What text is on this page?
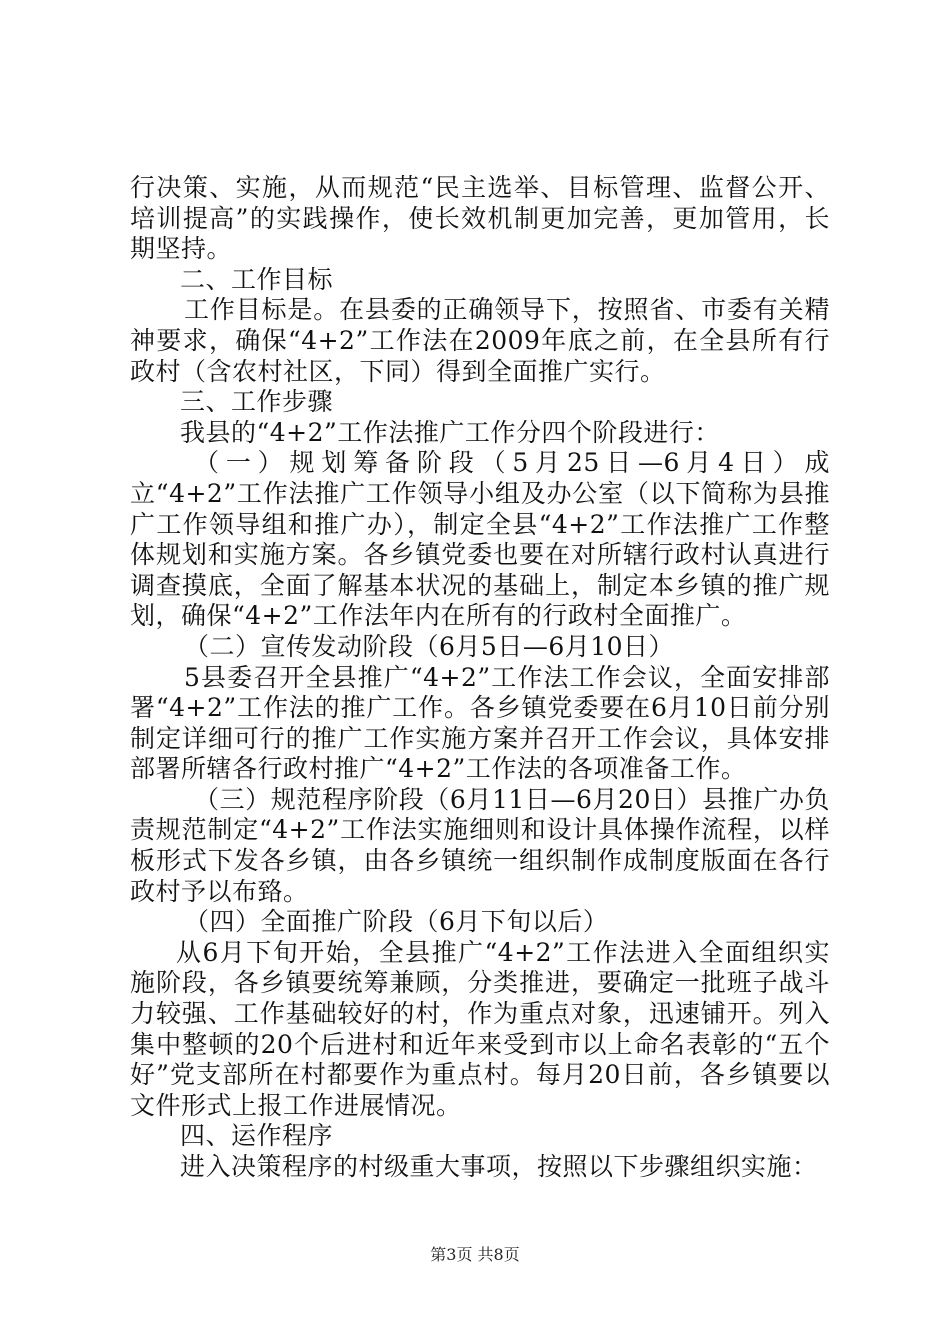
行决策、实施，从而规范“民主选举、目标管理、监督公开、培训提高”的实践操作，使长效机制更加完善，更加管用，长期坚持。

二、工作目标

工作目标是。在县委的正确领导下，按照省、市委有关精神要求，确保“4+2”工作法在2009年底之前，在全县所有行政村（含农村社区，下同）得到全面推广实行。

三、工作步骤

我县的“4+2”工作法推广工作分四个阶段进行：

（一）规划筹备阶段（5月25日—6月4日）成立“4+2”工作法推广工作领导小组及办公室（以下简称为县推广工作领导组和推广办），制定全县“4+2”工作法推广工作整体规划和实施方案。各乡镇党委也要在对所辖行政村认真进行调查摸底，全面了解基本状况的基础上，制定本乡镇的推广规划，确保“4+2”工作法年内在所有的行政村全面推广。

（二）宣传发动阶段（6月5日—6月10日）

5县委召开全县推广“4+2”工作法工作会议，全面安排部署“4+2”工作法的推广工作。各乡镇党委要在6月10日前分别制定详细可行的推广工作实施方案并召开工作会议，具体安排部署所辖各行政村推广“4+2”工作法的各项准备工作。

（三）规范程序阶段（6月11日—6月20日）县推广办负责规范制定“4+2”工作法实施细则和设计具体操作流程，以样板形式下发各乡镇，由各乡镇统一组织制作成制度版面在各行政村予以布臵。

（四）全面推广阶段（6月下旬以后）

从6月下旬开始，全县推广“4+2”工作法进入全面组织实施阶段，各乡镇要统筹兼顾，分类推进，要确定一批班子战斗力较强、工作基础较好的村，作为重点对象，迅速铺开。列入集中整顿的20个后进村和近年来受到市以上命名表彰的“五个好”党支部所在村都要作为重点村。每月20日前，各乡镇要以文件形式上报工作进展情况。

四、运作程序

进入决策程序的村级重大事项，按照以下步骤组织实施：

第3页 共8页
